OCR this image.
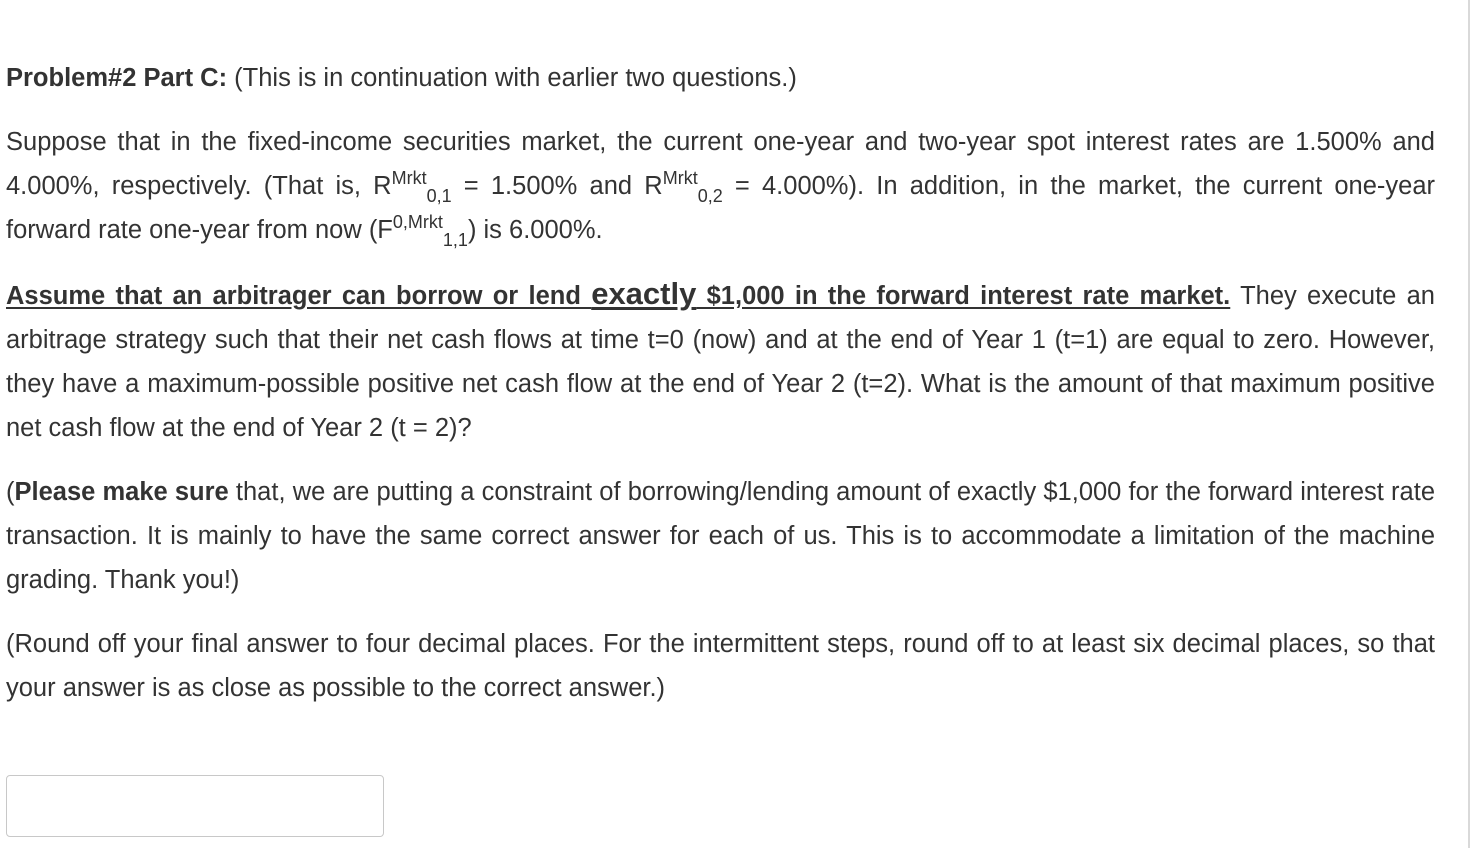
Problem#2 Part C: (This is in continuation with earlier two questions.)

Suppose that in the fixed-income securities market, the current one-year and two-year spot interest rates are 1.500% and 4.000%, respectively. (That is, $R^{Mrkt}_{0,1} = 1.500\%$ and $R^{Mrkt}_{0,2} = 4.000\%$). In addition, in the market, the current one-year forward rate one-year from now $(F^{0,Mrkt}_{1,1})$ is 6.000%.

Assume that an arbitrager can borrow or lend exactly $1,000 in the forward interest rate market. They execute an arbitrage strategy such that their net cash flows at time t=0 (now) and at the end of Year 1 (t=1) are equal to zero. However, they have a maximum-possible positive net cash flow at the end of Year 2 (t=2). What is the amount of that maximum positive net cash flow at the end of Year 2 (t = 2)?

(Please make sure that, we are putting a constraint of borrowing/lending amount of exactly $1,000 for the forward interest rate transaction. It is mainly to have the same correct answer for each of us. This is to accommodate a limitation of the machine grading. Thank you!)

(Round off your final answer to four decimal places. For the intermittent steps, round off to at least six decimal places, so that your answer is as close as possible to the correct answer.)
